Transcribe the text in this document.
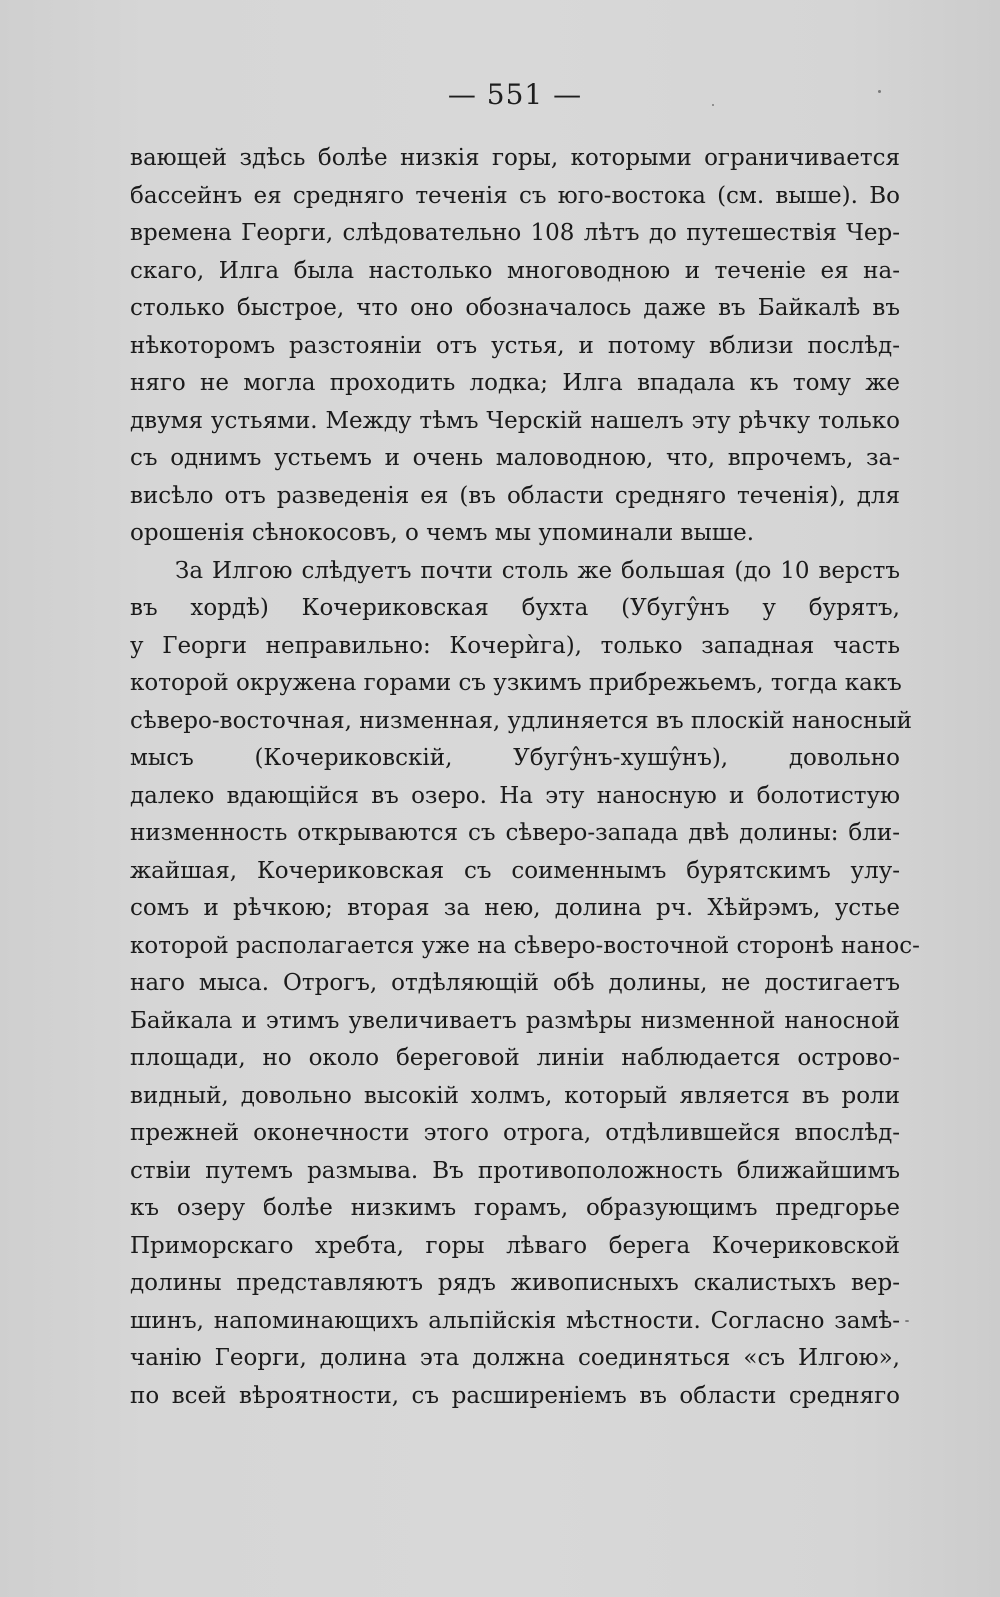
— 551 —
вающей здѣсь болѣе низкія горы, которыми ограничивается
бассейнъ ея средняго теченія съ юго-востока (см. выше). Во
времена Георги, слѣдовательно 108 лѣтъ до путешествія Чер-
скаго, Илга была настолько многоводною и теченіе ея на-
столько быстрое, что оно обозначалось даже въ Байкалѣ въ
нѣкоторомъ разстояніи отъ устья, и потому вблизи послѣд-
няго не могла проходить лодка; Илга впадала къ тому же
двумя устьями. Между тѣмъ Черскій нашелъ эту рѣчку только
съ однимъ устьемъ и очень маловодною, что, впрочемъ, за-
висѣло отъ разведенія ея (въ области средняго теченія), для
орошенія сѣнокосовъ, о чемъ мы упоминали выше.
За Илгою слѣдуетъ почти столь же большая (до 10 верстъ
въ хордѣ) Кочериковская бухта (Убугу̂нъ у бурятъ,
у Георги неправильно: Кочерѝга), только западная часть
которой окружена горами съ узкимъ прибрежьемъ, тогда какъ
сѣверо-восточная, низменная, удлиняется въ плоскій наносный
мысъ (Кочериковскій, Убугу̂нъ-хушу̂нъ), довольно
далеко вдающійся въ озеро. На эту наносную и болотистую
низменность открываются съ сѣверо-запада двѣ долины: бли-
жайшая, Кочериковская съ соименнымъ бурятскимъ улу-
сомъ и рѣчкою; вторая за нею, долина рч. Хѣйрэмъ, устье
которой располагается уже на сѣверо-восточной сторонѣ нанос-
наго мыса. Отрогъ, отдѣляющій обѣ долины, не достигаетъ
Байкала и этимъ увеличиваетъ размѣры низменной наносной
площади, но около береговой линіи наблюдается острово-
видный, довольно высокій холмъ, который является въ роли
прежней оконечности этого отрога, отдѣлившейся впослѣд-
ствіи путемъ размыва. Въ противоположность ближайшимъ
къ озеру болѣе низкимъ горамъ, образующимъ предгорье
Приморскаго хребта, горы лѣваго берега Кочериковской
долины представляютъ рядъ живописныхъ скалистыхъ вер-
шинъ, напоминающихъ альпійскія мѣстности. Согласно замѣ-
чанію Георги, долина эта должна соединяться «съ Илгою»,
по всей вѣроятности, съ расширеніемъ въ области средняго
